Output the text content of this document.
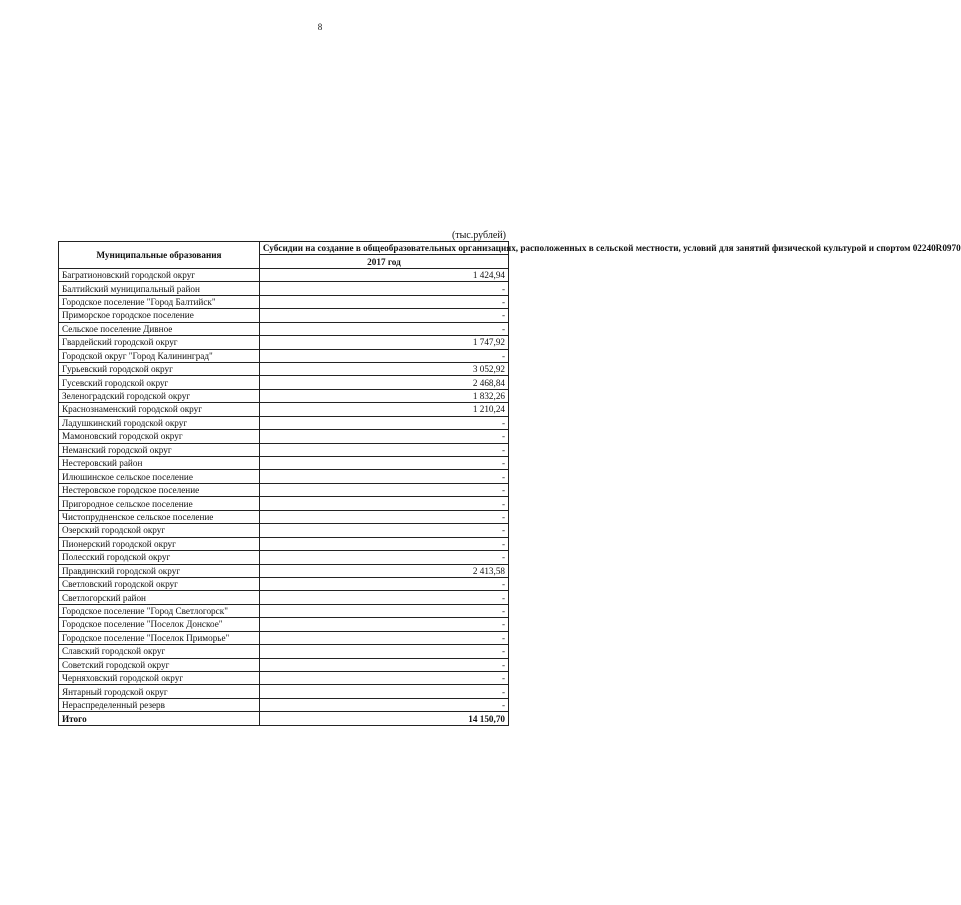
8
(тыс.рублей)
Муниципальные образования	Субсидии на создание в общеобразовательных организациях, расположенных в сельской местности, условий для занятий физической культурой и спортом 02240R0970
	2017 год
Багратионовский городской округ	1 424,94
Балтийский муниципальный район	-
Городское поселение "Город Балтийск"	-
Приморское городское поселение	-
Сельское поселение Дивное	-
Гвардейский городской округ	1 747,92
Городской округ "Город Калининград"	-
Гурьевский городской округ	3 052,92
Гусевский городской округ	2 468,84
Зеленоградский городской округ	1 832,26
Краснознаменский городской округ	1 210,24
Ладушкинский городской округ	-
Мамоновский городской округ	-
Неманский городской округ	-
Нестеровский район	-
Илюшинское сельское поселение	-
Нестеровское городское поселение	-
Пригородное сельское поселение	-
Чистопрудненское сельское поселение	-
Озерский городской округ	-
Пионерский городской округ	-
Полесский городской округ	-
Правдинский городской округ	2 413,58
Светловский городской округ	-
Светлогорский район	-
Городское поселение "Город Светлогорск"	-
Городское поселение "Поселок Донское"	-
Городское поселение "Поселок Приморье"	-
Славский городской округ	-
Советский городской округ	-
Черняховский городской округ	-
Янтарный городской округ	-
Нераспределенный резерв	-
Итого	14 150,70
